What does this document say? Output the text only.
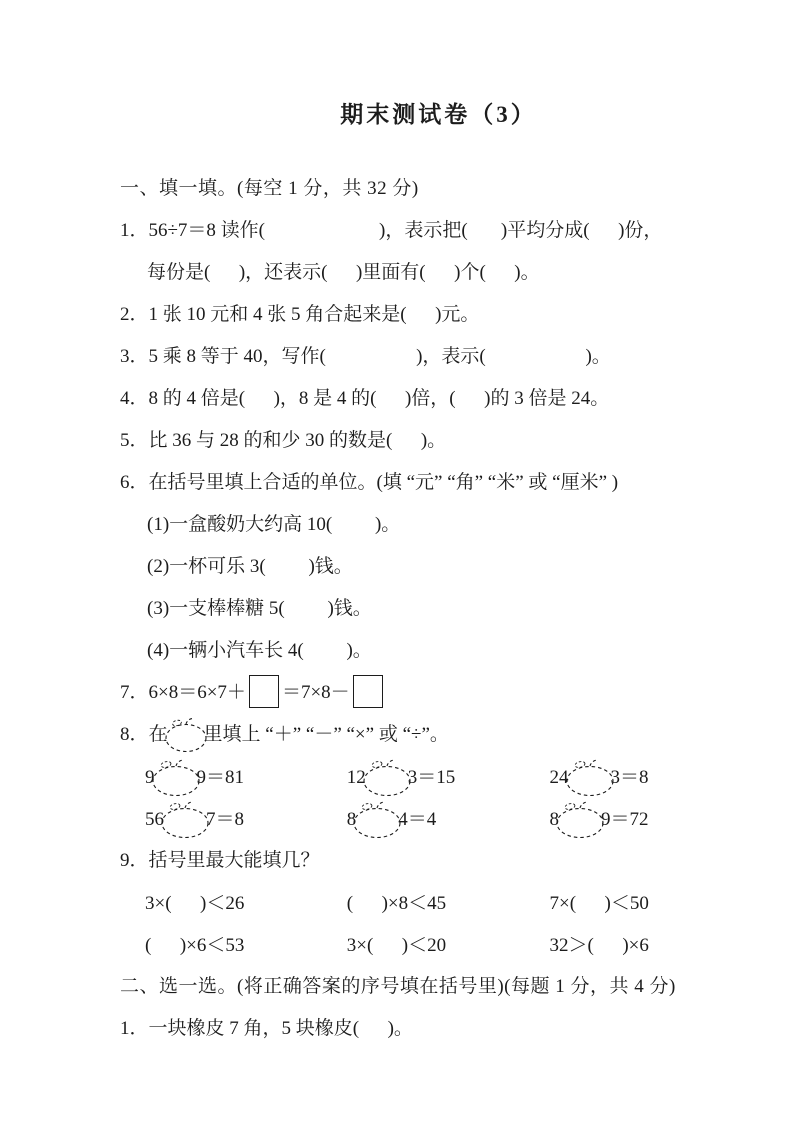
期末测试卷（3）
一、填一填。(每空 1 分，共 32 分)
1．56÷7＝8 读作(                        )，表示把(       )平均分成(      )份，
每份是(      )，还表示(      )里面有(      )个(      )。
2．1 张 10 元和 4 张 5 角合起来是(      )元。
3．5 乘 8 等于 40，写作(                   )，表示(                     )。
4．8 的 4 倍是(      )，8 是 4 的(      )倍，(      )的 3 倍是 24。
5．比 36 与 28 的和少 30 的数是(      )。
6．在括号里填上合适的单位。(填 “元” “角” “米” 或 “厘米” )
(1)一盒酸奶大约高 10(         )。
(2)一杯可乐 3(         )钱。
(3)一支棒棒糖 5(         )钱。
(4)一辆小汽车长 4(         )。
7．6×8＝6×7＋ ＝7×8－
8．在 里填上 “＋” “－” “×” 或 “÷”。
9 9＝81	12 3＝15	24 3＝8
56 7＝8	8 4＝4	8 9＝72
9．括号里最大能填几？
3×(      )＜26	(      )×8＜45	7×(      )＜50
(      )×6＜53	3×(      )＜20	32＞(      )×6
二、选一选。(将正确答案的序号填在括号里)(每题 1 分，共 4 分)
1．一块橡皮 7 角，5 块橡皮(      )。
